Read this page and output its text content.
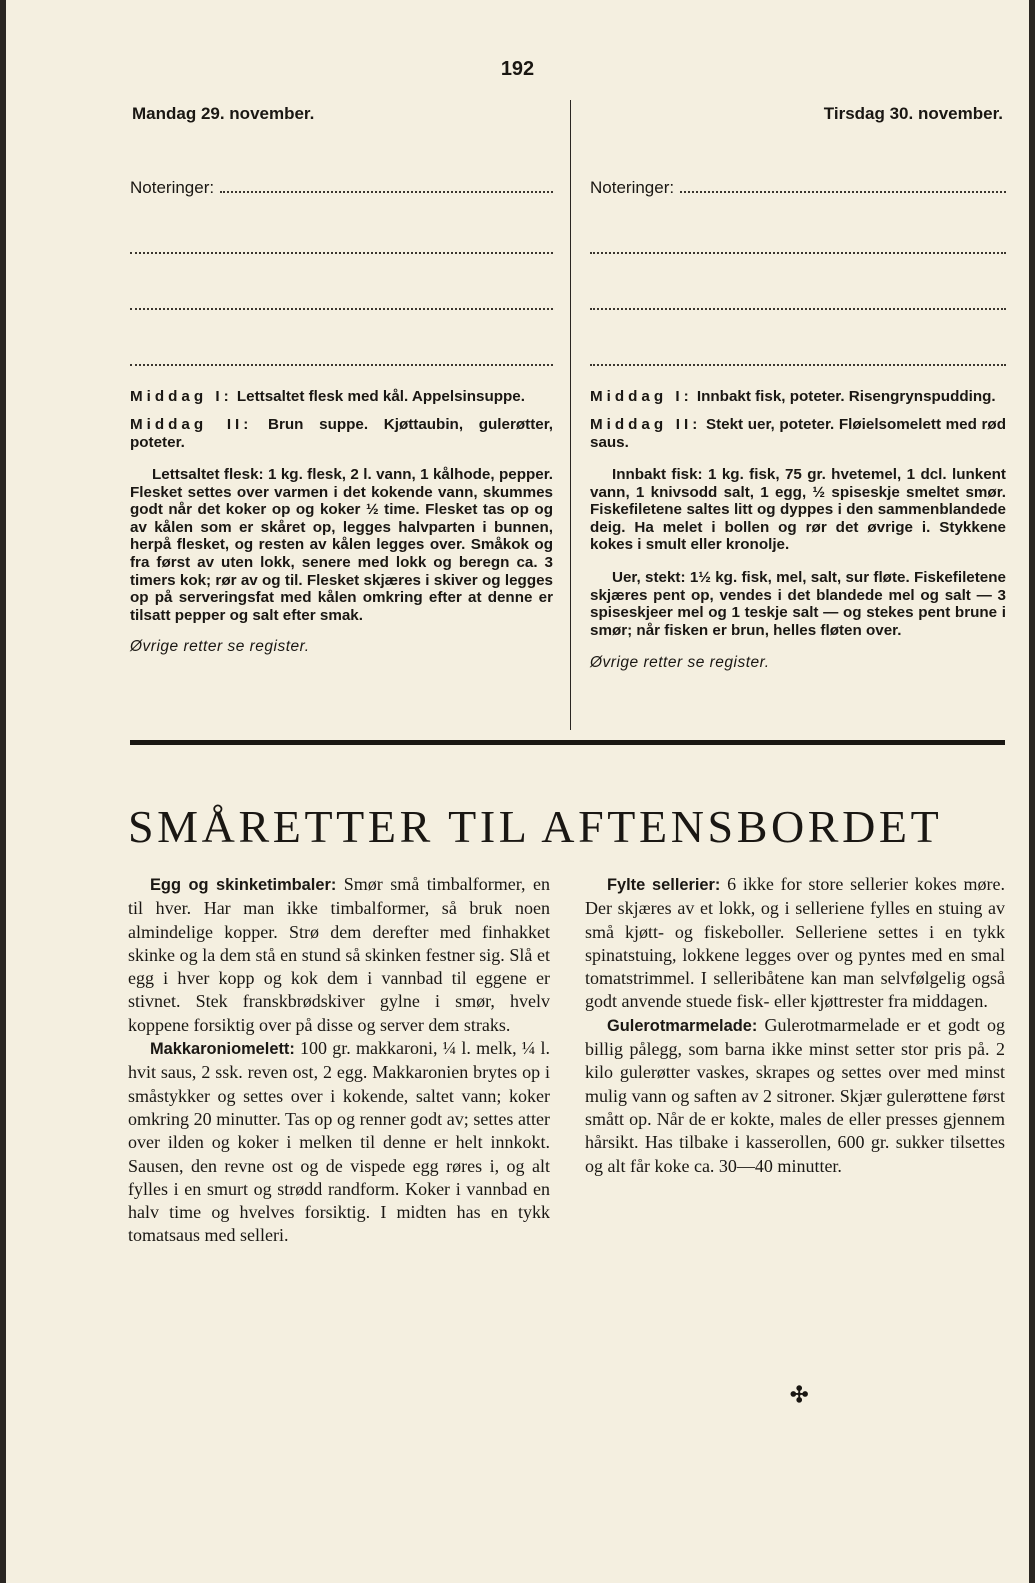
192
Mandag 29. november.	Tirsdag 30. november.
Noteringer:
Middag I: Lettsaltet flesk med kål. Appelsinsuppe.
Middag II: Brun suppe. Kjøttaubin, gulerøtter, poteter.

Lettsaltet flesk: 1 kg. flesk, 2 l. vann, 1 kålhode, pepper. Flesket settes over varmen i det kokende vann, skummes godt når det koker op og koker ½ time. Flesket tas op og av kålen som er skåret op, legges halvparten i bunnen, herpå flesket, og resten av kålen legges over. Småkok og fra først av uten lokk, senere med lokk og beregn ca. 3 timers kok; rør av og til. Flesket skjæres i skiver og legges op på serveringsfat med kålen omkring efter at denne er tilsatt pepper og salt efter smak.

Øvrige retter se register.
Noteringer:
Middag I: Innbakt fisk, poteter. Risengrynspudding.
Middag II: Stekt uer, poteter. Fløielsomelett med rød saus.

Innbakt fisk: 1 kg. fisk, 75 gr. hvetemel, 1 dcl. lunkent vann, 1 knivsodd salt, 1 egg, ½ spiseskje smeltet smør. Fiskefiletene saltes litt og dyppes i den sammenblandede deig. Ha melet i bollen og rør det øvrige i. Stykkene kokes i smult eller kronolje.

Uer, stekt: 1½ kg. fisk, mel, salt, sur fløte. Fiskefiletene skjæres pent op, vendes i det blandede mel og salt — 3 spiseskjeer mel og 1 teskje salt — og stekes pent brune i smør; når fisken er brun, helles fløten over.

Øvrige retter se register.
SMÅRETTER TIL AFTENSBORDET

Egg og skinketimbaler: Smør små timbalformer, en til hver. Har man ikke timbalformer, så bruk noen almindelige kopper. Strø dem derefter med finhakket skinke og la dem stå en stund så skinken festner sig. Slå et egg i hver kopp og kok dem i vannbad til eggene er stivnet. Stek franskbrødskiver gylne i smør, hvelv koppene forsiktig over på disse og server dem straks.

Makkaroniomelett: 100 gr. makkaroni, ¼ l. melk, ¼ l. hvit saus, 2 ssk. reven ost, 2 egg. Makkaronien brytes op i småstykker og settes over i kokende, saltet vann; koker omkring 20 minutter. Tas op og renner godt av; settes atter over ilden og koker i melken til denne er helt innkokt. Sausen, den revne ost og de vispede egg røres i, og alt fylles i en smurt og strødd randform. Koker i vannbad en halv time og hvelves forsiktig. I midten has en tykk tomatsaus med selleri.

Fylte sellerier: 6 ikke for store sellerier kokes møre. Der skjæres av et lokk, og i selleriene fylles en stuing av små kjøtt- og fiskeboller. Selleriene settes i en tykk spinatstuing, lokkene legges over og pyntes med en smal tomatstrimmel. I selleribåtene kan man selvfølgelig også godt anvende stuede fisk- eller kjøttrester fra middagen.

Gulerotmarmelade: Gulerotmarmelade er et godt og billig pålegg, som barna ikke minst setter stor pris på. 2 kilo gulerøtter vaskes, skrapes og settes over med minst mulig vann og saften av 2 sitroner. Skjær gulerøttene først smått op. Når de er kokte, males de eller presses gjennem hårsikt. Has tilbake i kasserollen, 600 gr. sukker tilsettes og alt får koke ca. 30—40 minutter.

✣
